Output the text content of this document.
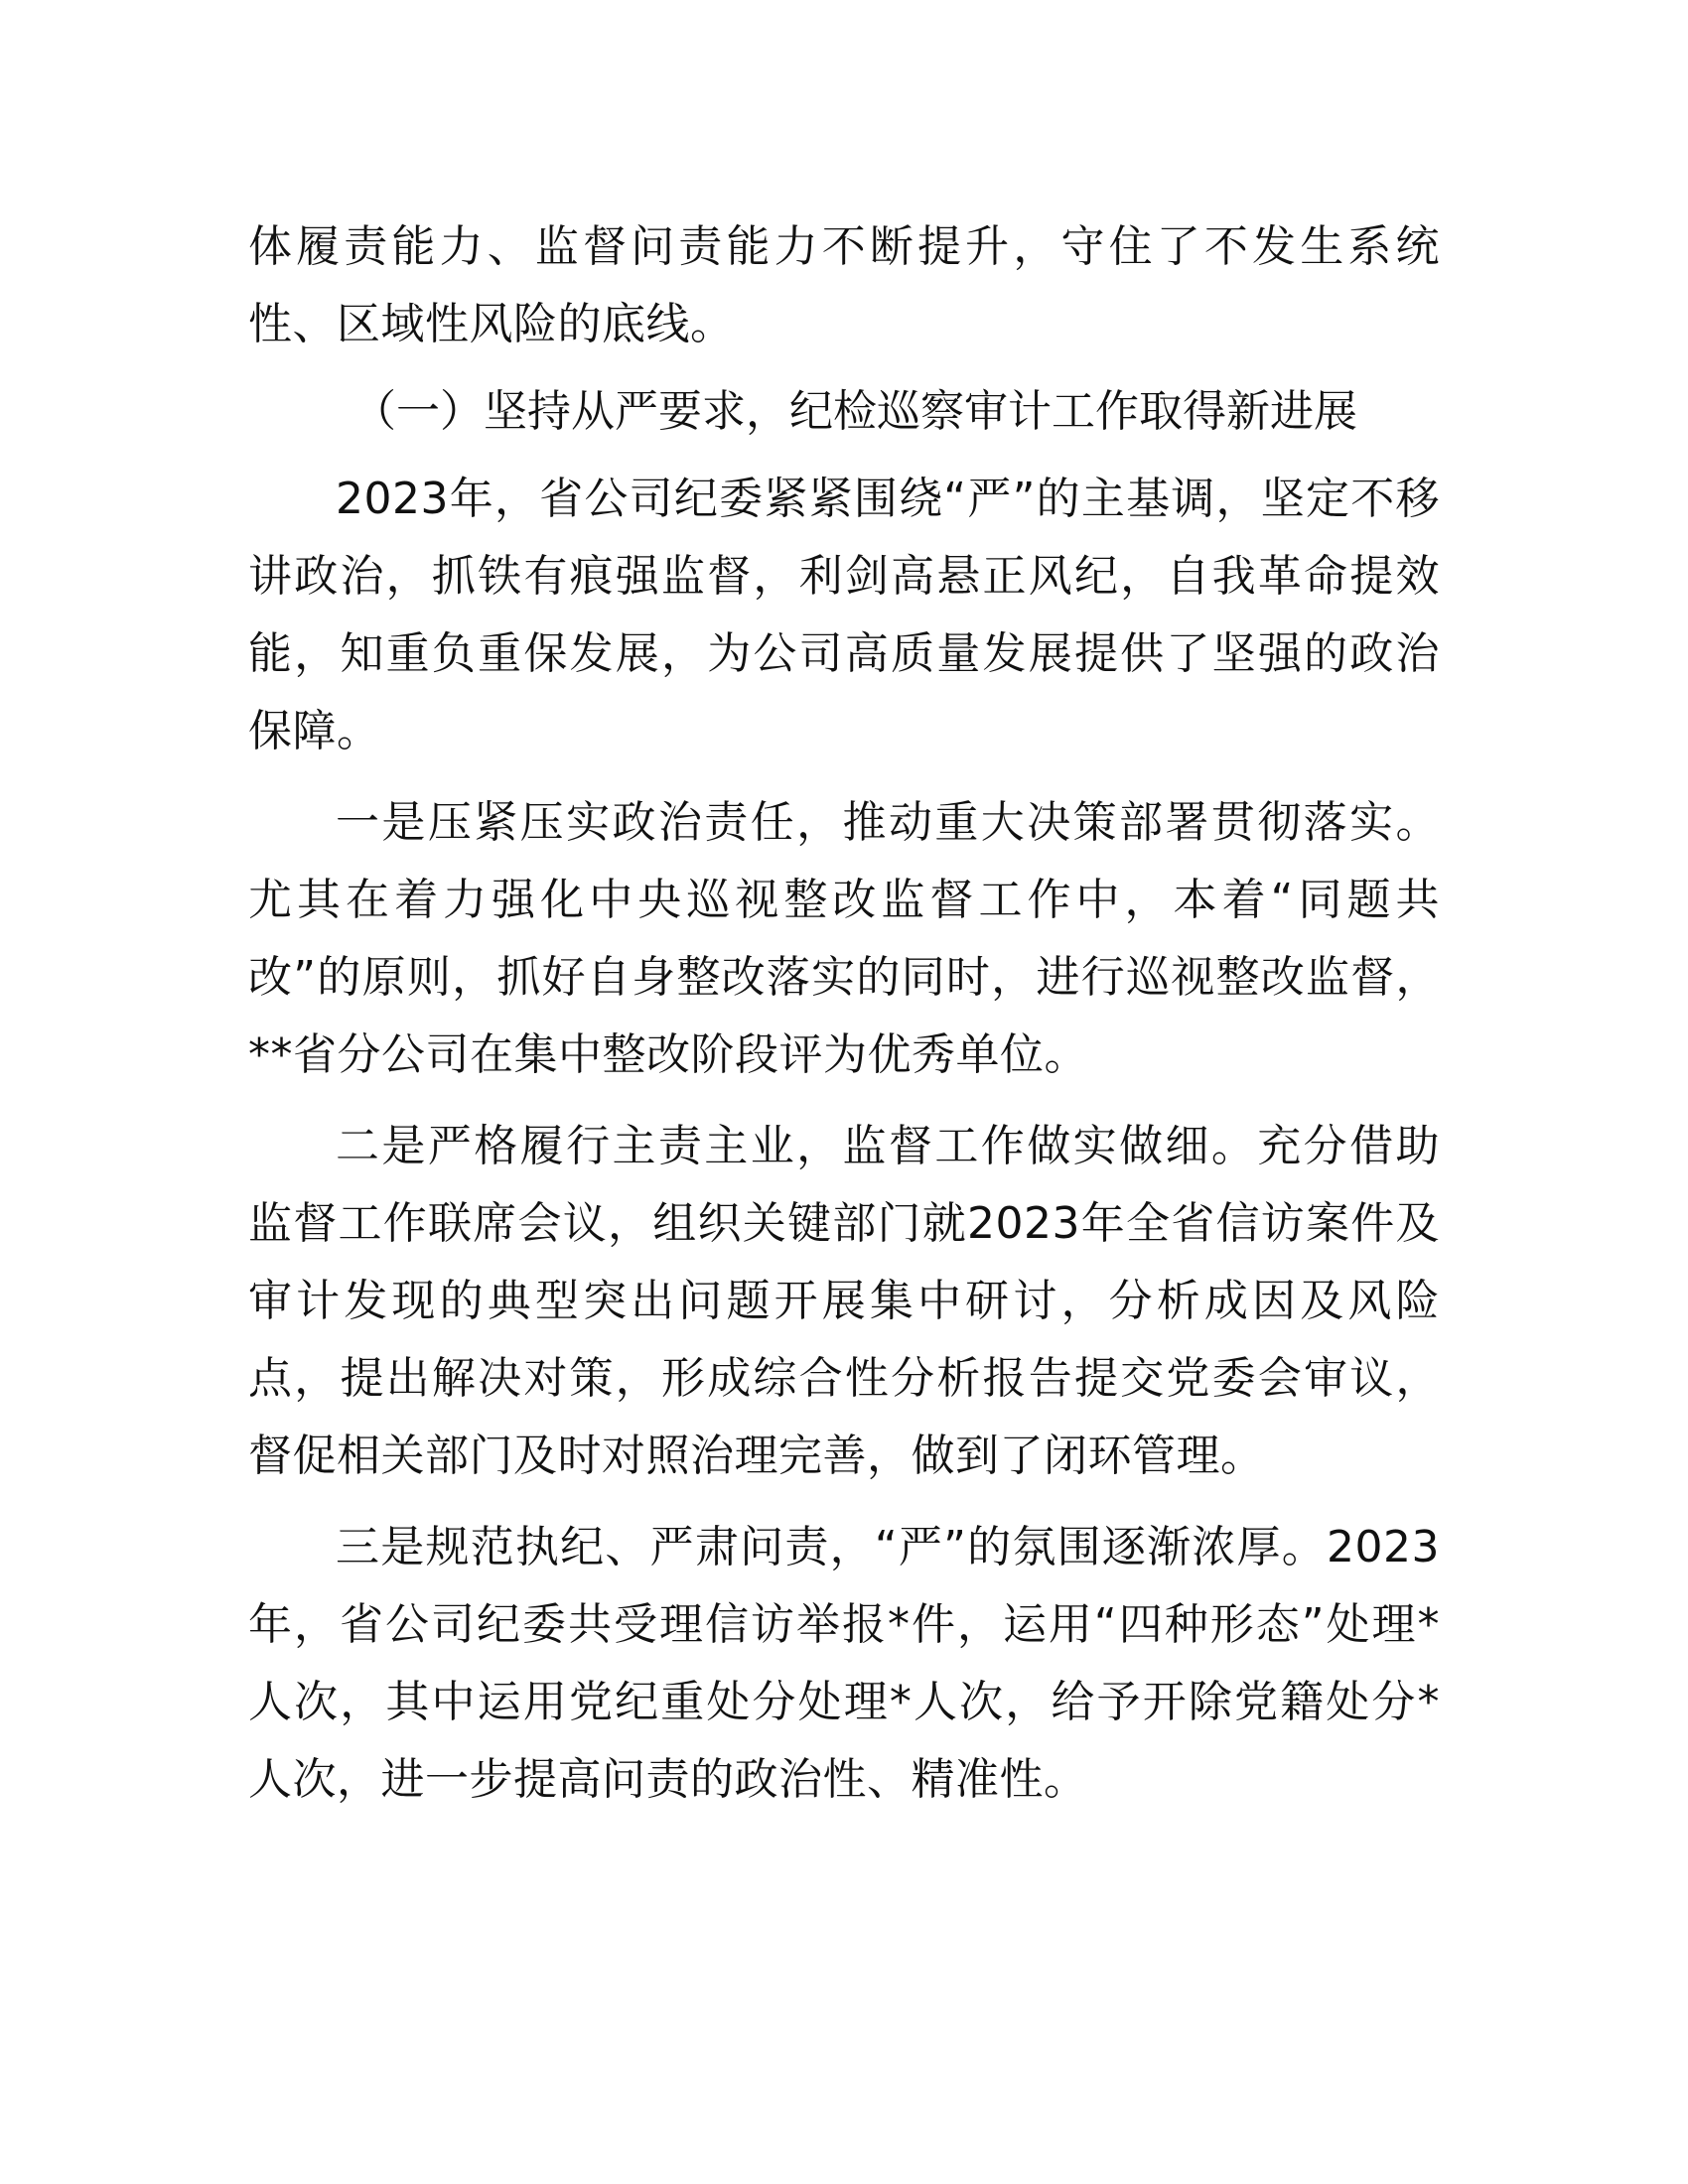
体履责能力、监督问责能力不断提升，守住了不发生系统性、区域性风险的底线。

（一）坚持从严要求，纪检巡察审计工作取得新进展

2023年，省公司纪委紧紧围绕“严”的主基调，坚定不移讲政治，抓铁有痕强监督，利剑高悬正风纪，自我革命提效能，知重负重保发展，为公司高质量发展提供了坚强的政治保障。

一是压紧压实政治责任，推动重大决策部署贯彻落实。尤其在着力强化中央巡视整改监督工作中，本着“同题共改”的原则，抓好自身整改落实的同时，进行巡视整改监督，**省分公司在集中整改阶段评为优秀单位。

二是严格履行主责主业，监督工作做实做细。充分借助监督工作联席会议，组织关键部门就2023年全省信访案件及审计发现的典型突出问题开展集中研讨，分析成因及风险点，提出解决对策，形成综合性分析报告提交党委会审议，督促相关部门及时对照治理完善，做到了闭环管理。

三是规范执纪、严肃问责，“严”的氛围逐渐浓厚。2023年，省公司纪委共受理信访举报*件，运用“四种形态”处理*人次，其中运用党纪重处分处理*人次，给予开除党籍处分*人次，进一步提高问责的政治性、精准性。
